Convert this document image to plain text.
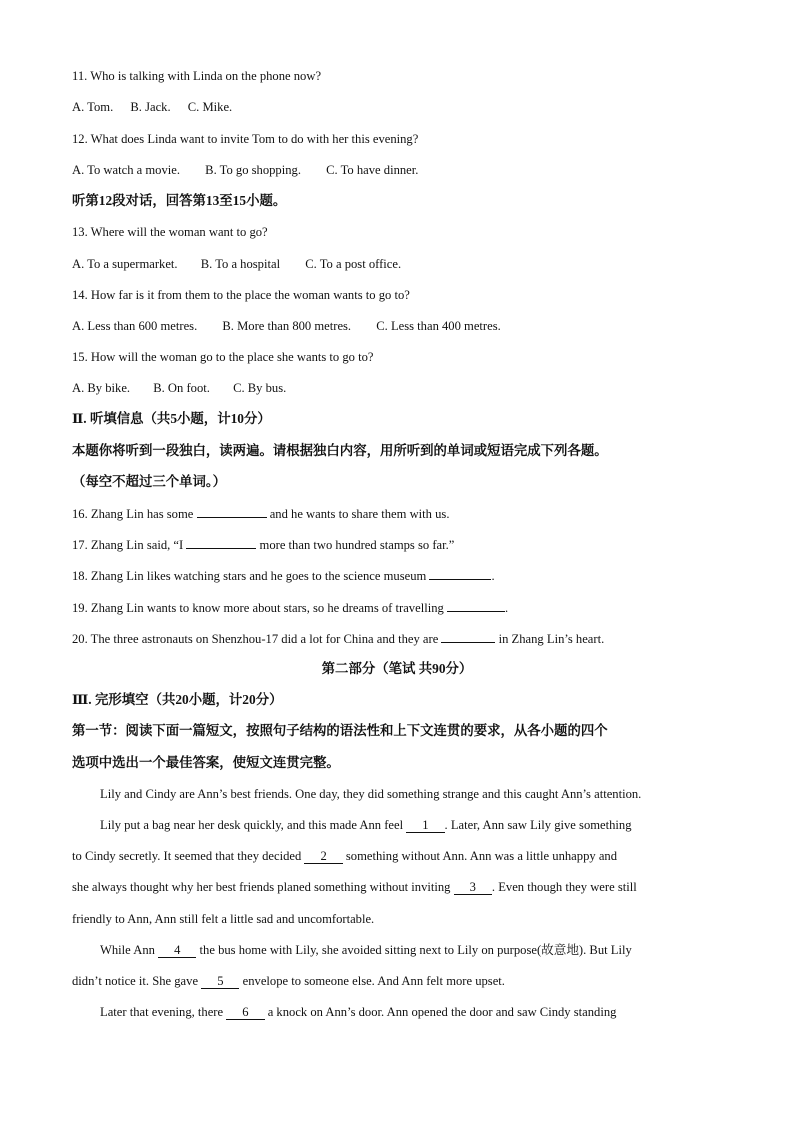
11. Who is talking with Linda on the phone now?
A. Tom. B. Jack. C. Mike.
12. What does Linda want to invite Tom to do with her this evening?
A. To watch a movie. B. To go shopping. C. To have dinner.
听第12段对话，回答第13至15小题。
13. Where will the woman want to go?
A. To a supermarket. B. To a hospital C. To a post office.
14. How far is it from them to the place the woman wants to go to?
A. Less than 600 metres. B. More than 800 metres. C. Less than 400 metres.
15. How will the woman go to the place she wants to go to?
A. By bike. B. On foot. C. By bus.
Ⅱ. 听填信息（共5小题，计10分）
本题你将听到一段独白，读两遍。请根据独白内容，用所听到的单词或短语完成下列各题。
（每空不超过三个单词。）
16. Zhang Lin has some	and he wants to share them with us.
17. Zhang Lin said, “I	more than two hundred stamps so far.”
18. Zhang Lin likes watching stars and he goes to the science museum	.
19. Zhang Lin wants to know more about stars, so he dreams of travelling	.
20. The three astronauts on Shenzhou-17 did a lot for China and they are	in Zhang Lin’s heart.
第二部分（笔试 共90分）
Ⅲ. 完形填空（共20小题，计20分）
第一节：阅读下面一篇短文，按照句子结构的语法性和上下文连贯的要求，从各小题的四个
选项中选出一个最佳答案，使短文连贯完整。
Lily and Cindy are Ann’s best friends. One day, they did something strange and this caught Ann’s attention.
Lily put a bag near her desk quickly, and this made Ann feel 1 . Later, Ann saw Lily give something
to Cindy secretly. It seemed that they decided 2 something without Ann. Ann was a little unhappy and
she always thought why her best friends planed something without inviting 3 . Even though they were still
friendly to Ann, Ann still felt a little sad and uncomfortable.
While Ann 4 the bus home with Lily, she avoided sitting next to Lily on purpose(故意地). But Lily
didn’t notice it. She gave 5 envelope to someone else. And Ann felt more upset.
Later that evening, there 6 a knock on Ann’s door. Ann opened the door and saw Cindy standing
